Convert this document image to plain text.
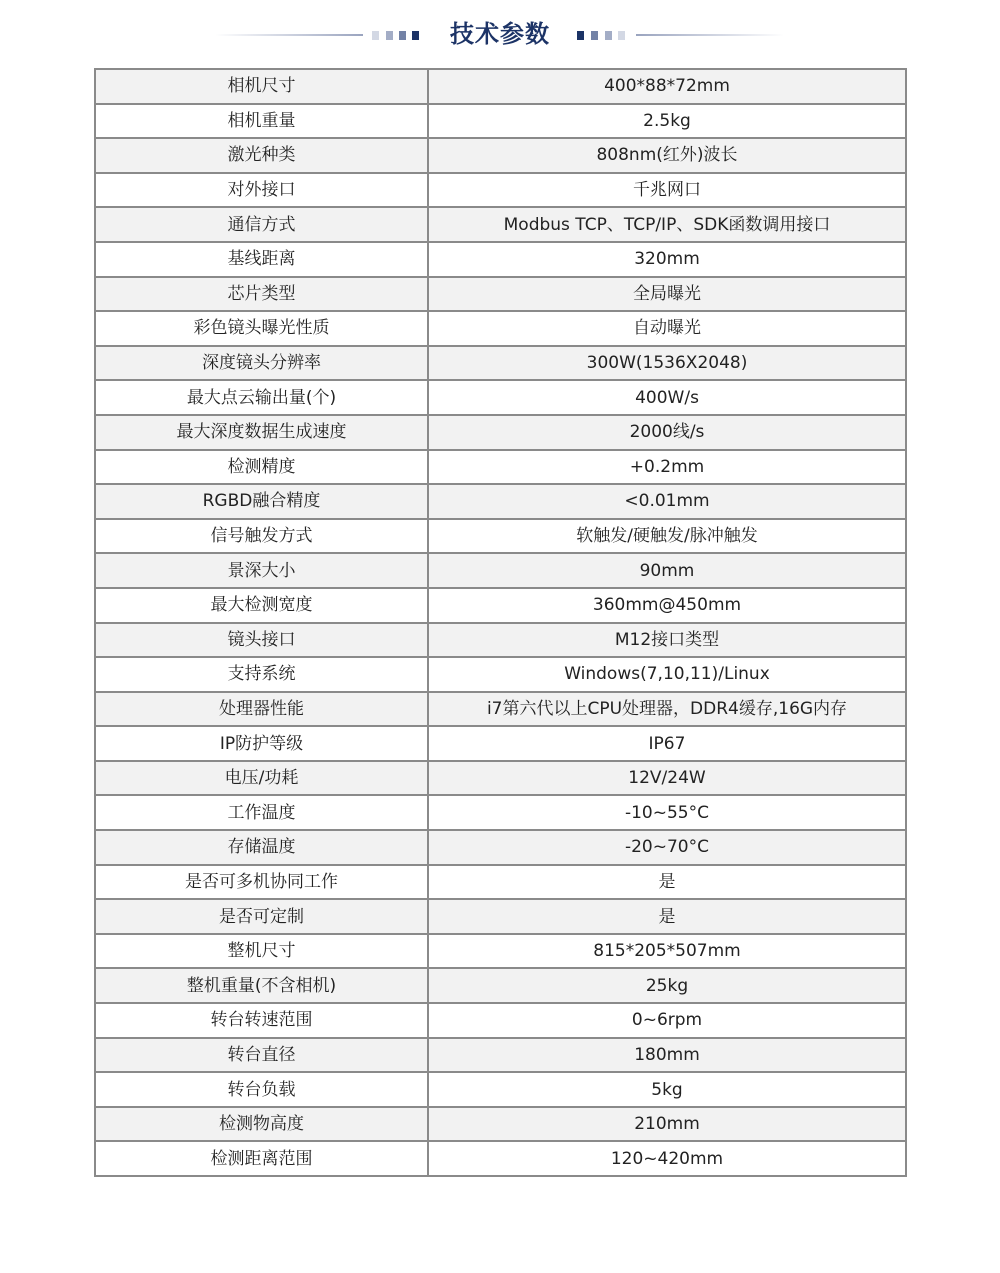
技术参数
相机尺寸	400*88*72mm
相机重量	2.5kg
激光种类	808nm(红外)波长
对外接口	千兆网口
通信方式	Modbus TCP、TCP/IP、SDK函数调用接口
基线距离	320mm
芯片类型	全局曝光
彩色镜头曝光性质	自动曝光
深度镜头分辨率	300W(1536X2048)
最大点云输出量(个)	400W/s
最大深度数据生成速度	2000线/s
检测精度	+0.2mm
RGBD融合精度	<0.01mm
信号触发方式	软触发/硬触发/脉冲触发
景深大小	90mm
最大检测宽度	360mm@450mm
镜头接口	M12接口类型
支持系统	Windows(7,10,11)/Linux
处理器性能	i7第六代以上CPU处理器，DDR4缓存,16G内存
IP防护等级	IP67
电压/功耗	12V/24W
工作温度	-10~55°C
存储温度	-20~70°C
是否可多机协同工作	是
是否可定制	是
整机尺寸	815*205*507mm
整机重量(不含相机)	25kg
转台转速范围	0~6rpm
转台直径	180mm
转台负载	5kg
检测物高度	210mm
检测距离范围	120~420mm
